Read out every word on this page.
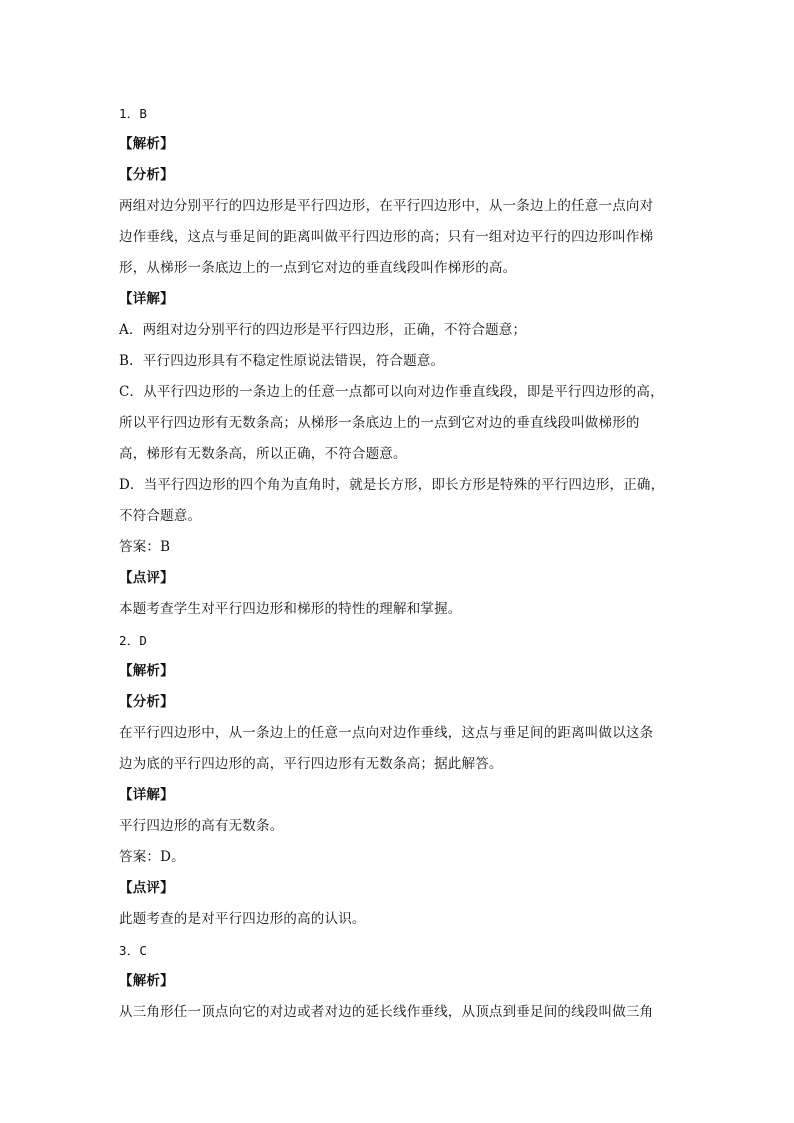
1．B
【解析】
【分析】
两组对边分别平行的四边形是平行四边形，在平行四边形中，从一条边上的任意一点向对
边作垂线，这点与垂足间的距离叫做平行四边形的高；只有一组对边平行的四边形叫作梯
形，从梯形一条底边上的一点到它对边的垂直线段叫作梯形的高。
【详解】
A．两组对边分别平行的四边形是平行四边形，正确，不符合题意；
B．平行四边形具有不稳定性原说法错误，符合题意。
C．从平行四边形的一条边上的任意一点都可以向对边作垂直线段，即是平行四边形的高，
所以平行四边形有无数条高；从梯形一条底边上的一点到它对边的垂直线段叫做梯形的
高，梯形有无数条高，所以正确，不符合题意。
D．当平行四边形的四个角为直角时，就是长方形，即长方形是特殊的平行四边形，正确，
不符合题意。
答案：B
【点评】
本题考查学生对平行四边形和梯形的特性的理解和掌握。
2．D
【解析】
【分析】
在平行四边形中，从一条边上的任意一点向对边作垂线，这点与垂足间的距离叫做以这条
边为底的平行四边形的高，平行四边形有无数条高；据此解答。
【详解】
平行四边形的高有无数条。
答案：D。
【点评】
此题考查的是对平行四边形的高的认识。
3．C
【解析】
从三角形任一顶点向它的对边或者对边的延长线作垂线，从顶点到垂足间的线段叫做三角
